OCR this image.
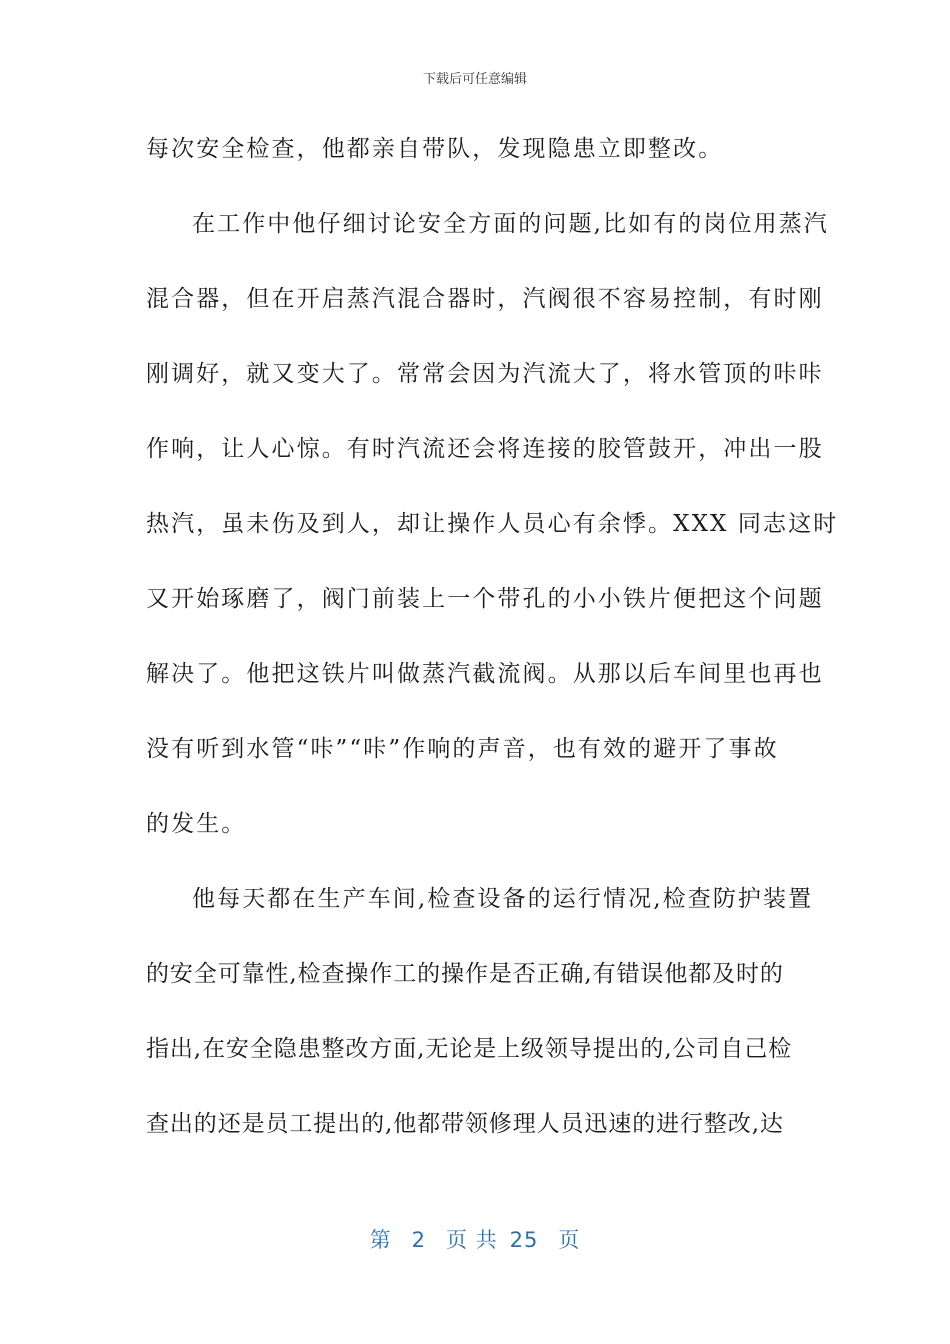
下载后可任意编辑
每次安全检查，他都亲自带队，发现隐患立即整改。
在工作中他仔细讨论安全方面的问题,比如有的岗位用蒸汽
混合器，但在开启蒸汽混合器时，汽阀很不容易控制，有时刚
刚调好，就又变大了。常常会因为汽流大了，将水管顶的咔咔
作响，让人心惊。有时汽流还会将连接的胶管鼓开，冲出一股
热汽，虽未伤及到人，却让操作人员心有余悸。XXX 同志这时
又开始琢磨了，阀门前装上一个带孔的小小铁片便把这个问题
解决了。他把这铁片叫做蒸汽截流阀。从那以后车间里也再也
没有听到水管“咔”“咔”作响的声音，也有效的避开了事故
的发生。
他每天都在生产车间,检查设备的运行情况,检查防护装置
的安全可靠性,检查操作工的操作是否正确,有错误他都及时的
指出,在安全隐患整改方面,无论是上级领导提出的,公司自己检
查出的还是员工提出的,他都带领修理人员迅速的进行整改,达
第 2 页 共 25 页
